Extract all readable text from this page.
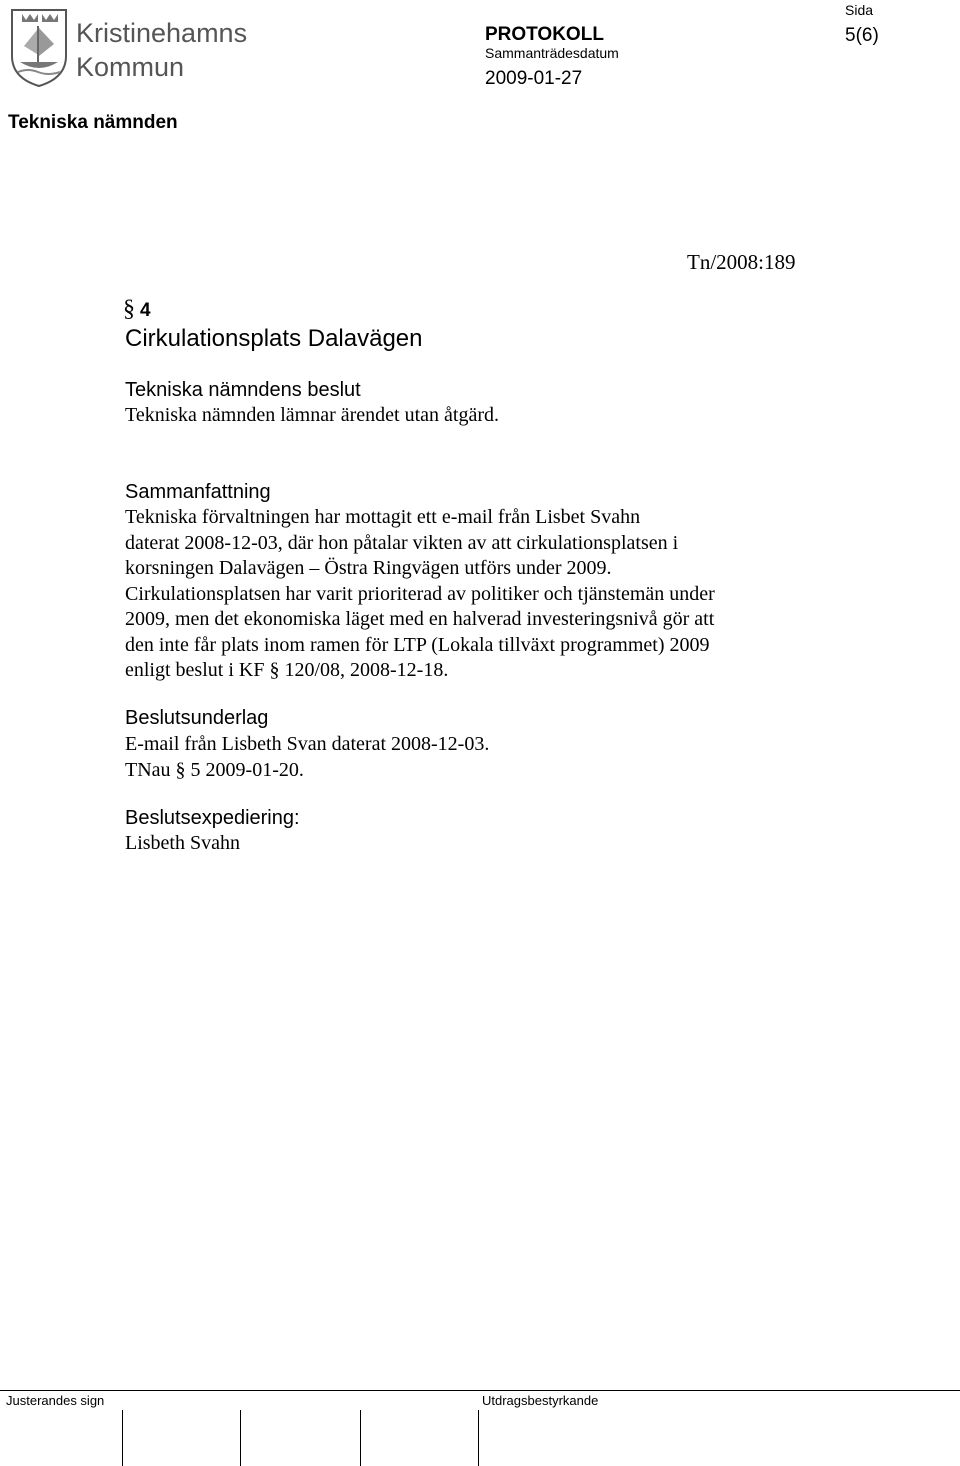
Kristinehamns
Kommun
Sida
5(6)
PROTOKOLL
Sammanträdesdatum
2009-01-27
Tekniska nämnden
Tn/2008:189
§ 4
Cirkulationsplats Dalavägen
Tekniska nämndens beslut
Tekniska nämnden lämnar ärendet utan åtgärd.
Sammanfattning
Tekniska förvaltningen har mottagit ett e-mail från Lisbet Svahn
daterat 2008-12-03, där hon påtalar vikten av att cirkulationsplatsen i
korsningen Dalavägen – Östra Ringvägen utförs under 2009.
Cirkulationsplatsen har varit prioriterad av politiker och tjänstemän under
2009, men det ekonomiska läget med en halverad investeringsnivå gör att
den inte får plats inom ramen för LTP (Lokala tillväxt programmet) 2009
enligt beslut i KF § 120/08, 2008-12-18.
Beslutsunderlag
E-mail från Lisbeth Svan daterat 2008-12-03.
TNau § 5 2009-01-20.
Beslutsexpediering:
Lisbeth Svahn
Justerandes sign	Utdragsbestyrkande
